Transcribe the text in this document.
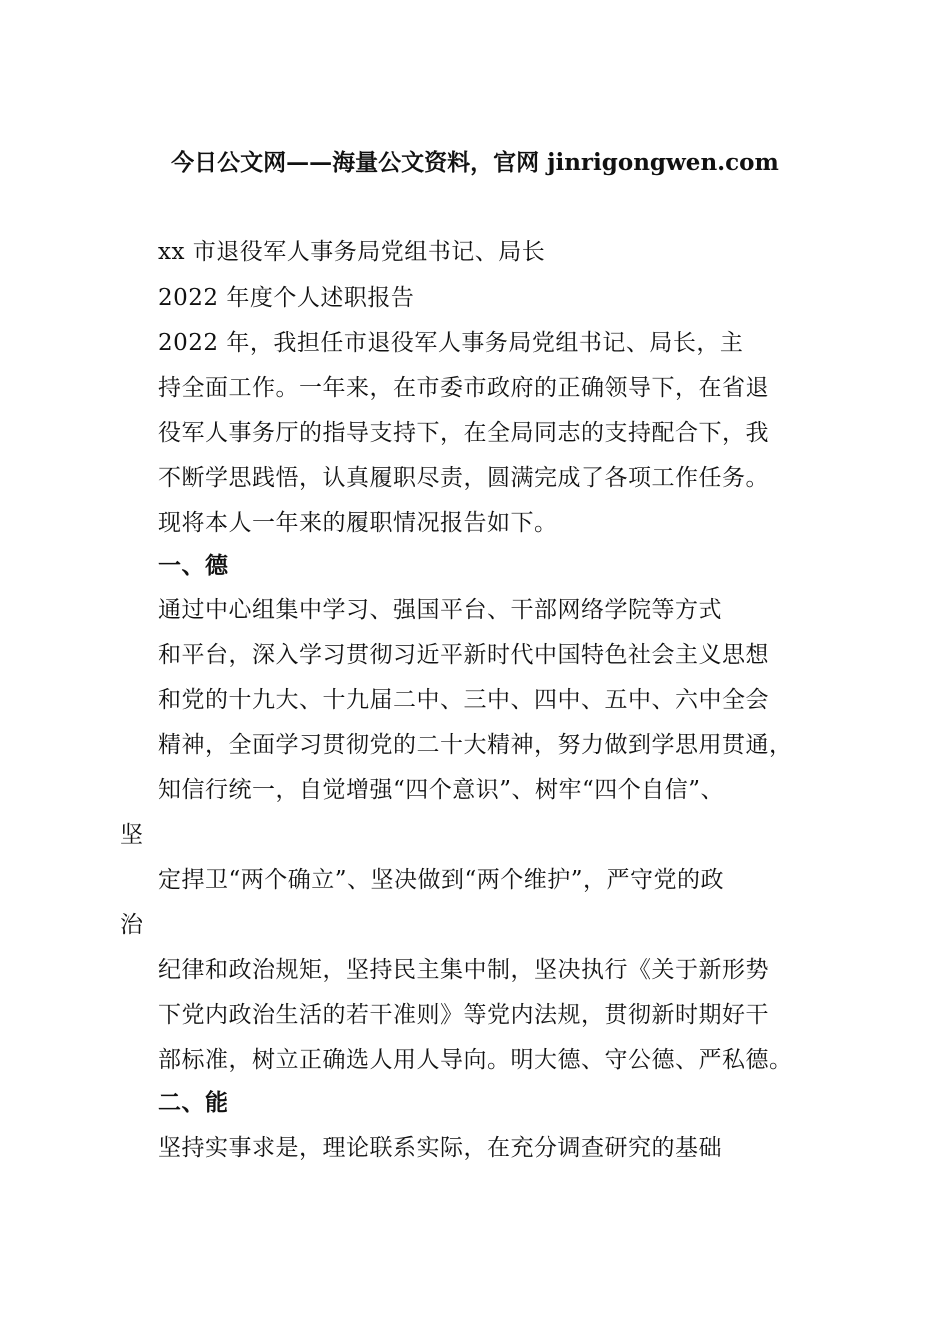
今日公文网——海量公文资料，官网 jinrigongwen.com
xx 市退役军人事务局党组书记、局长
2022 年度个人述职报告
2022 年，我担任市退役军人事务局党组书记、局长，主
持全面工作。一年来，在市委市政府的正确领导下，在省退
役军人事务厅的指导支持下，在全局同志的支持配合下，我
不断学思践悟，认真履职尽责，圆满完成了各项工作任务。
现将本人一年来的履职情况报告如下。
一、德
通过中心组集中学习、强国平台、干部网络学院等方式
和平台，深入学习贯彻习近平新时代中国特色社会主义思想
和党的十九大、十九届二中、三中、四中、五中、六中全会
精神，全面学习贯彻党的二十大精神，努力做到学思用贯通，
知信行统一，自觉增强“四个意识”、树牢“四个自信”、
坚
定捍卫“两个确立”、坚决做到“两个维护”，严守党的政
治
纪律和政治规矩，坚持民主集中制，坚决执行《关于新形势
下党内政治生活的若干准则》等党内法规，贯彻新时期好干
部标准，树立正确选人用人导向。明大德、守公德、严私德。
二、能
坚持实事求是，理论联系实际，在充分调查研究的基础
